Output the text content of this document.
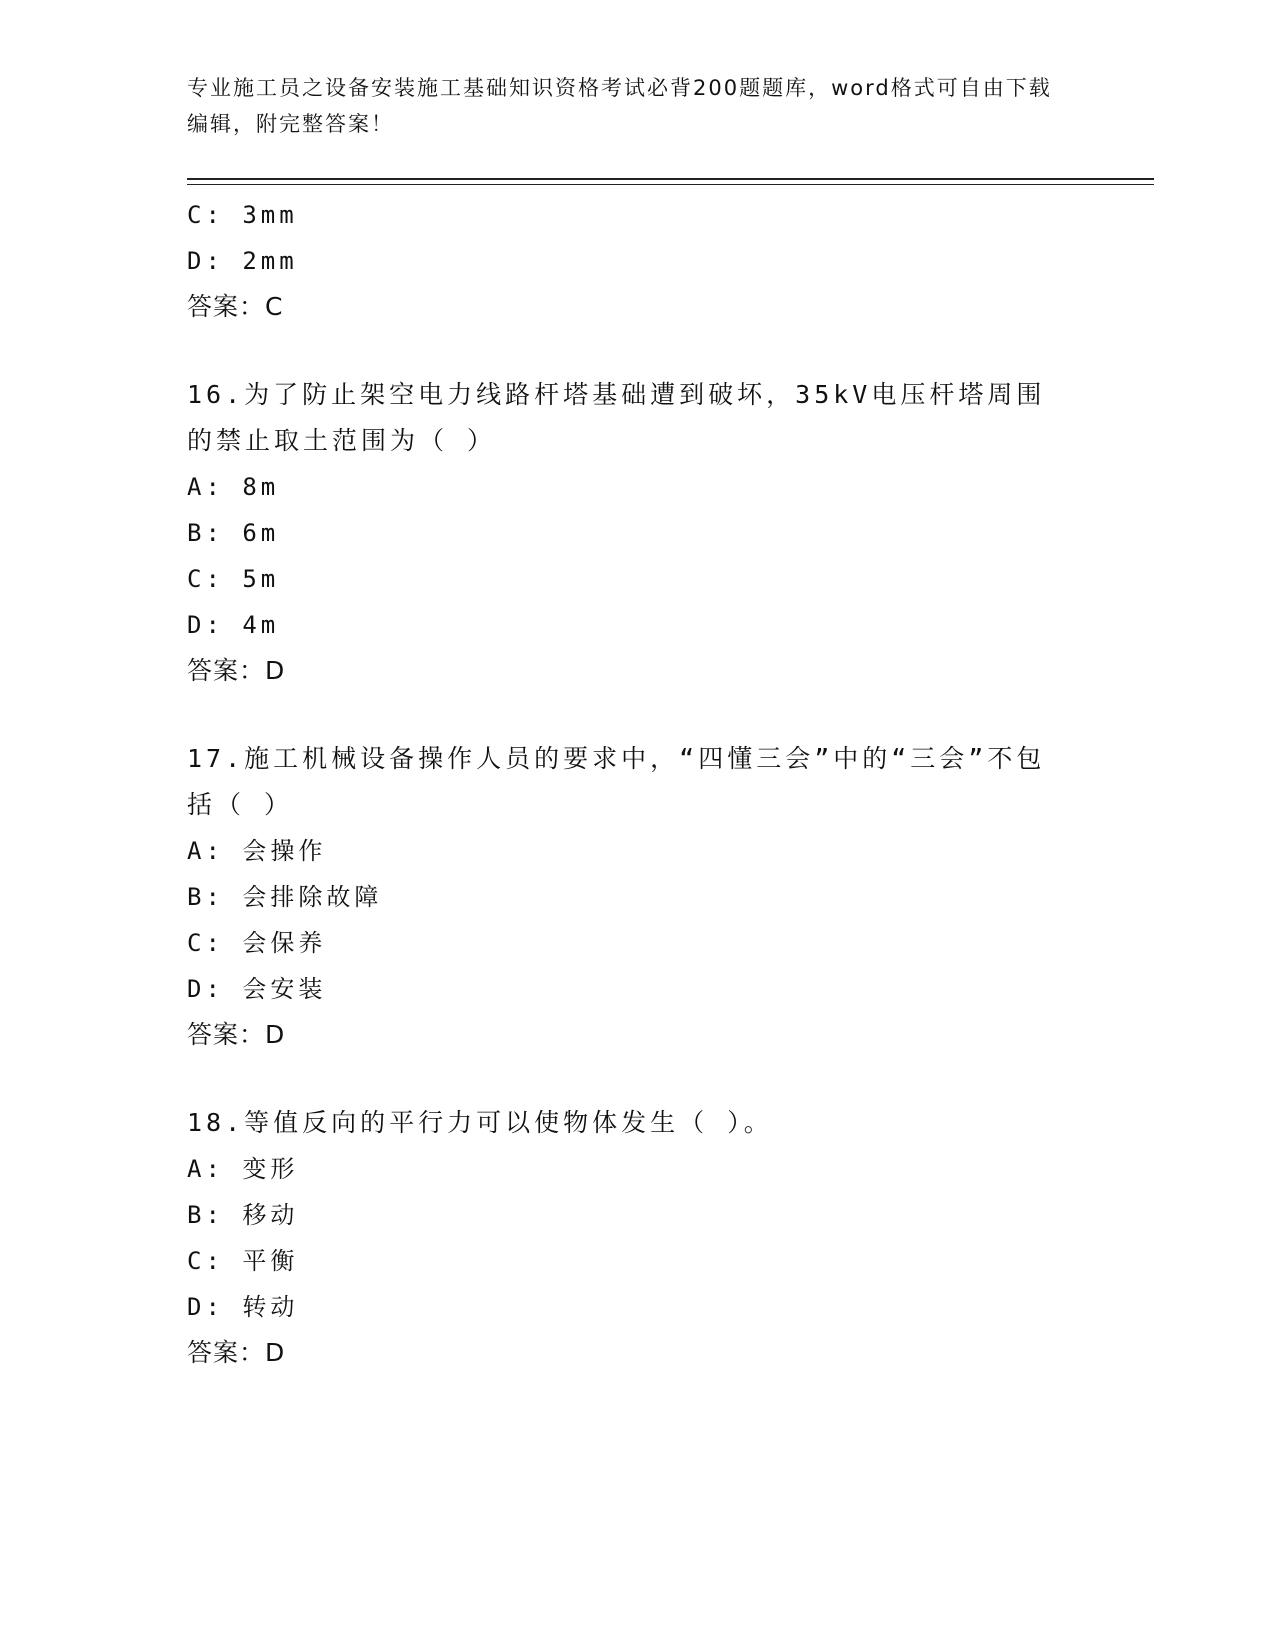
专业施工员之设备安装施工基础知识资格考试必背200题题库，word格式可自由下载编辑，附完整答案！
C: 3mm
D: 2mm
答案：C
16.为了防止架空电力线路杆塔基础遭到破坏，35kV电压杆塔周围的禁止取土范围为（ ）
A: 8m
B: 6m
C: 5m
D: 4m
答案：D
17.施工机械设备操作人员的要求中，“四懂三会”中的“三会”不包括（ ）
A: 会操作
B: 会排除故障
C: 会保养
D: 会安装
答案：D
18.等值反向的平行力可以使物体发生（ ）。
A: 变形
B: 移动
C: 平衡
D: 转动
答案：D
